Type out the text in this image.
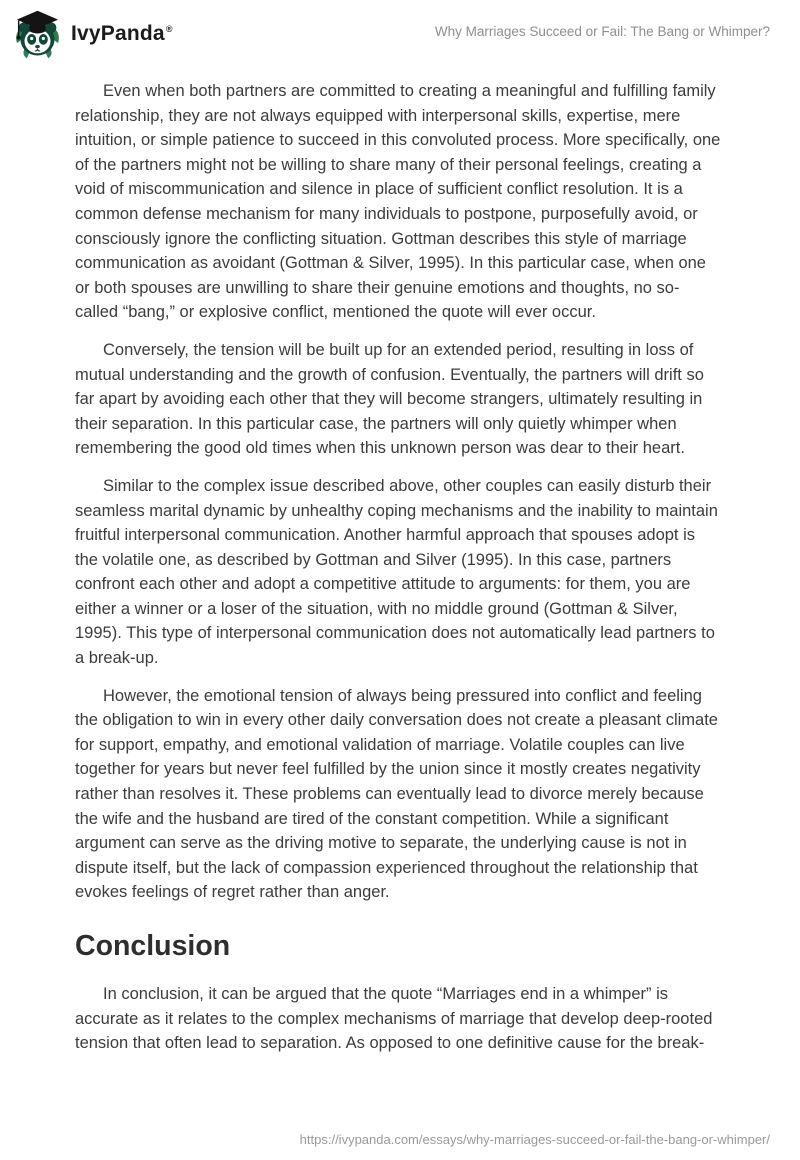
IvyPanda®	Why Marriages Succeed or Fail: The Bang or Whimper?

Even when both partners are committed to creating a meaningful and fulfilling family relationship, they are not always equipped with interpersonal skills, expertise, mere intuition, or simple patience to succeed in this convoluted process. More specifically, one of the partners might not be willing to share many of their personal feelings, creating a void of miscommunication and silence in place of sufficient conflict resolution. It is a common defense mechanism for many individuals to postpone, purposefully avoid, or consciously ignore the conflicting situation. Gottman describes this style of marriage communication as avoidant (Gottman & Silver, 1995). In this particular case, when one or both spouses are unwilling to share their genuine emotions and thoughts, no so-called “bang,” or explosive conflict, mentioned the quote will ever occur.

Conversely, the tension will be built up for an extended period, resulting in loss of mutual understanding and the growth of confusion. Eventually, the partners will drift so far apart by avoiding each other that they will become strangers, ultimately resulting in their separation. In this particular case, the partners will only quietly whimper when remembering the good old times when this unknown person was dear to their heart.

Similar to the complex issue described above, other couples can easily disturb their seamless marital dynamic by unhealthy coping mechanisms and the inability to maintain fruitful interpersonal communication. Another harmful approach that spouses adopt is the volatile one, as described by Gottman and Silver (1995). In this case, partners confront each other and adopt a competitive attitude to arguments: for them, you are either a winner or a loser of the situation, with no middle ground (Gottman & Silver, 1995). This type of interpersonal communication does not automatically lead partners to a break-up.

However, the emotional tension of always being pressured into conflict and feeling the obligation to win in every other daily conversation does not create a pleasant climate for support, empathy, and emotional validation of marriage. Volatile couples can live together for years but never feel fulfilled by the union since it mostly creates negativity rather than resolves it. These problems can eventually lead to divorce merely because the wife and the husband are tired of the constant competition. While a significant argument can serve as the driving motive to separate, the underlying cause is not in dispute itself, but the lack of compassion experienced throughout the relationship that evokes feelings of regret rather than anger.

Conclusion

In conclusion, it can be argued that the quote “Marriages end in a whimper” is accurate as it relates to the complex mechanisms of marriage that develop deep-rooted tension that often lead to separation. As opposed to one definitive cause for the break-

https://ivypanda.com/essays/why-marriages-succeed-or-fail-the-bang-or-whimper/
